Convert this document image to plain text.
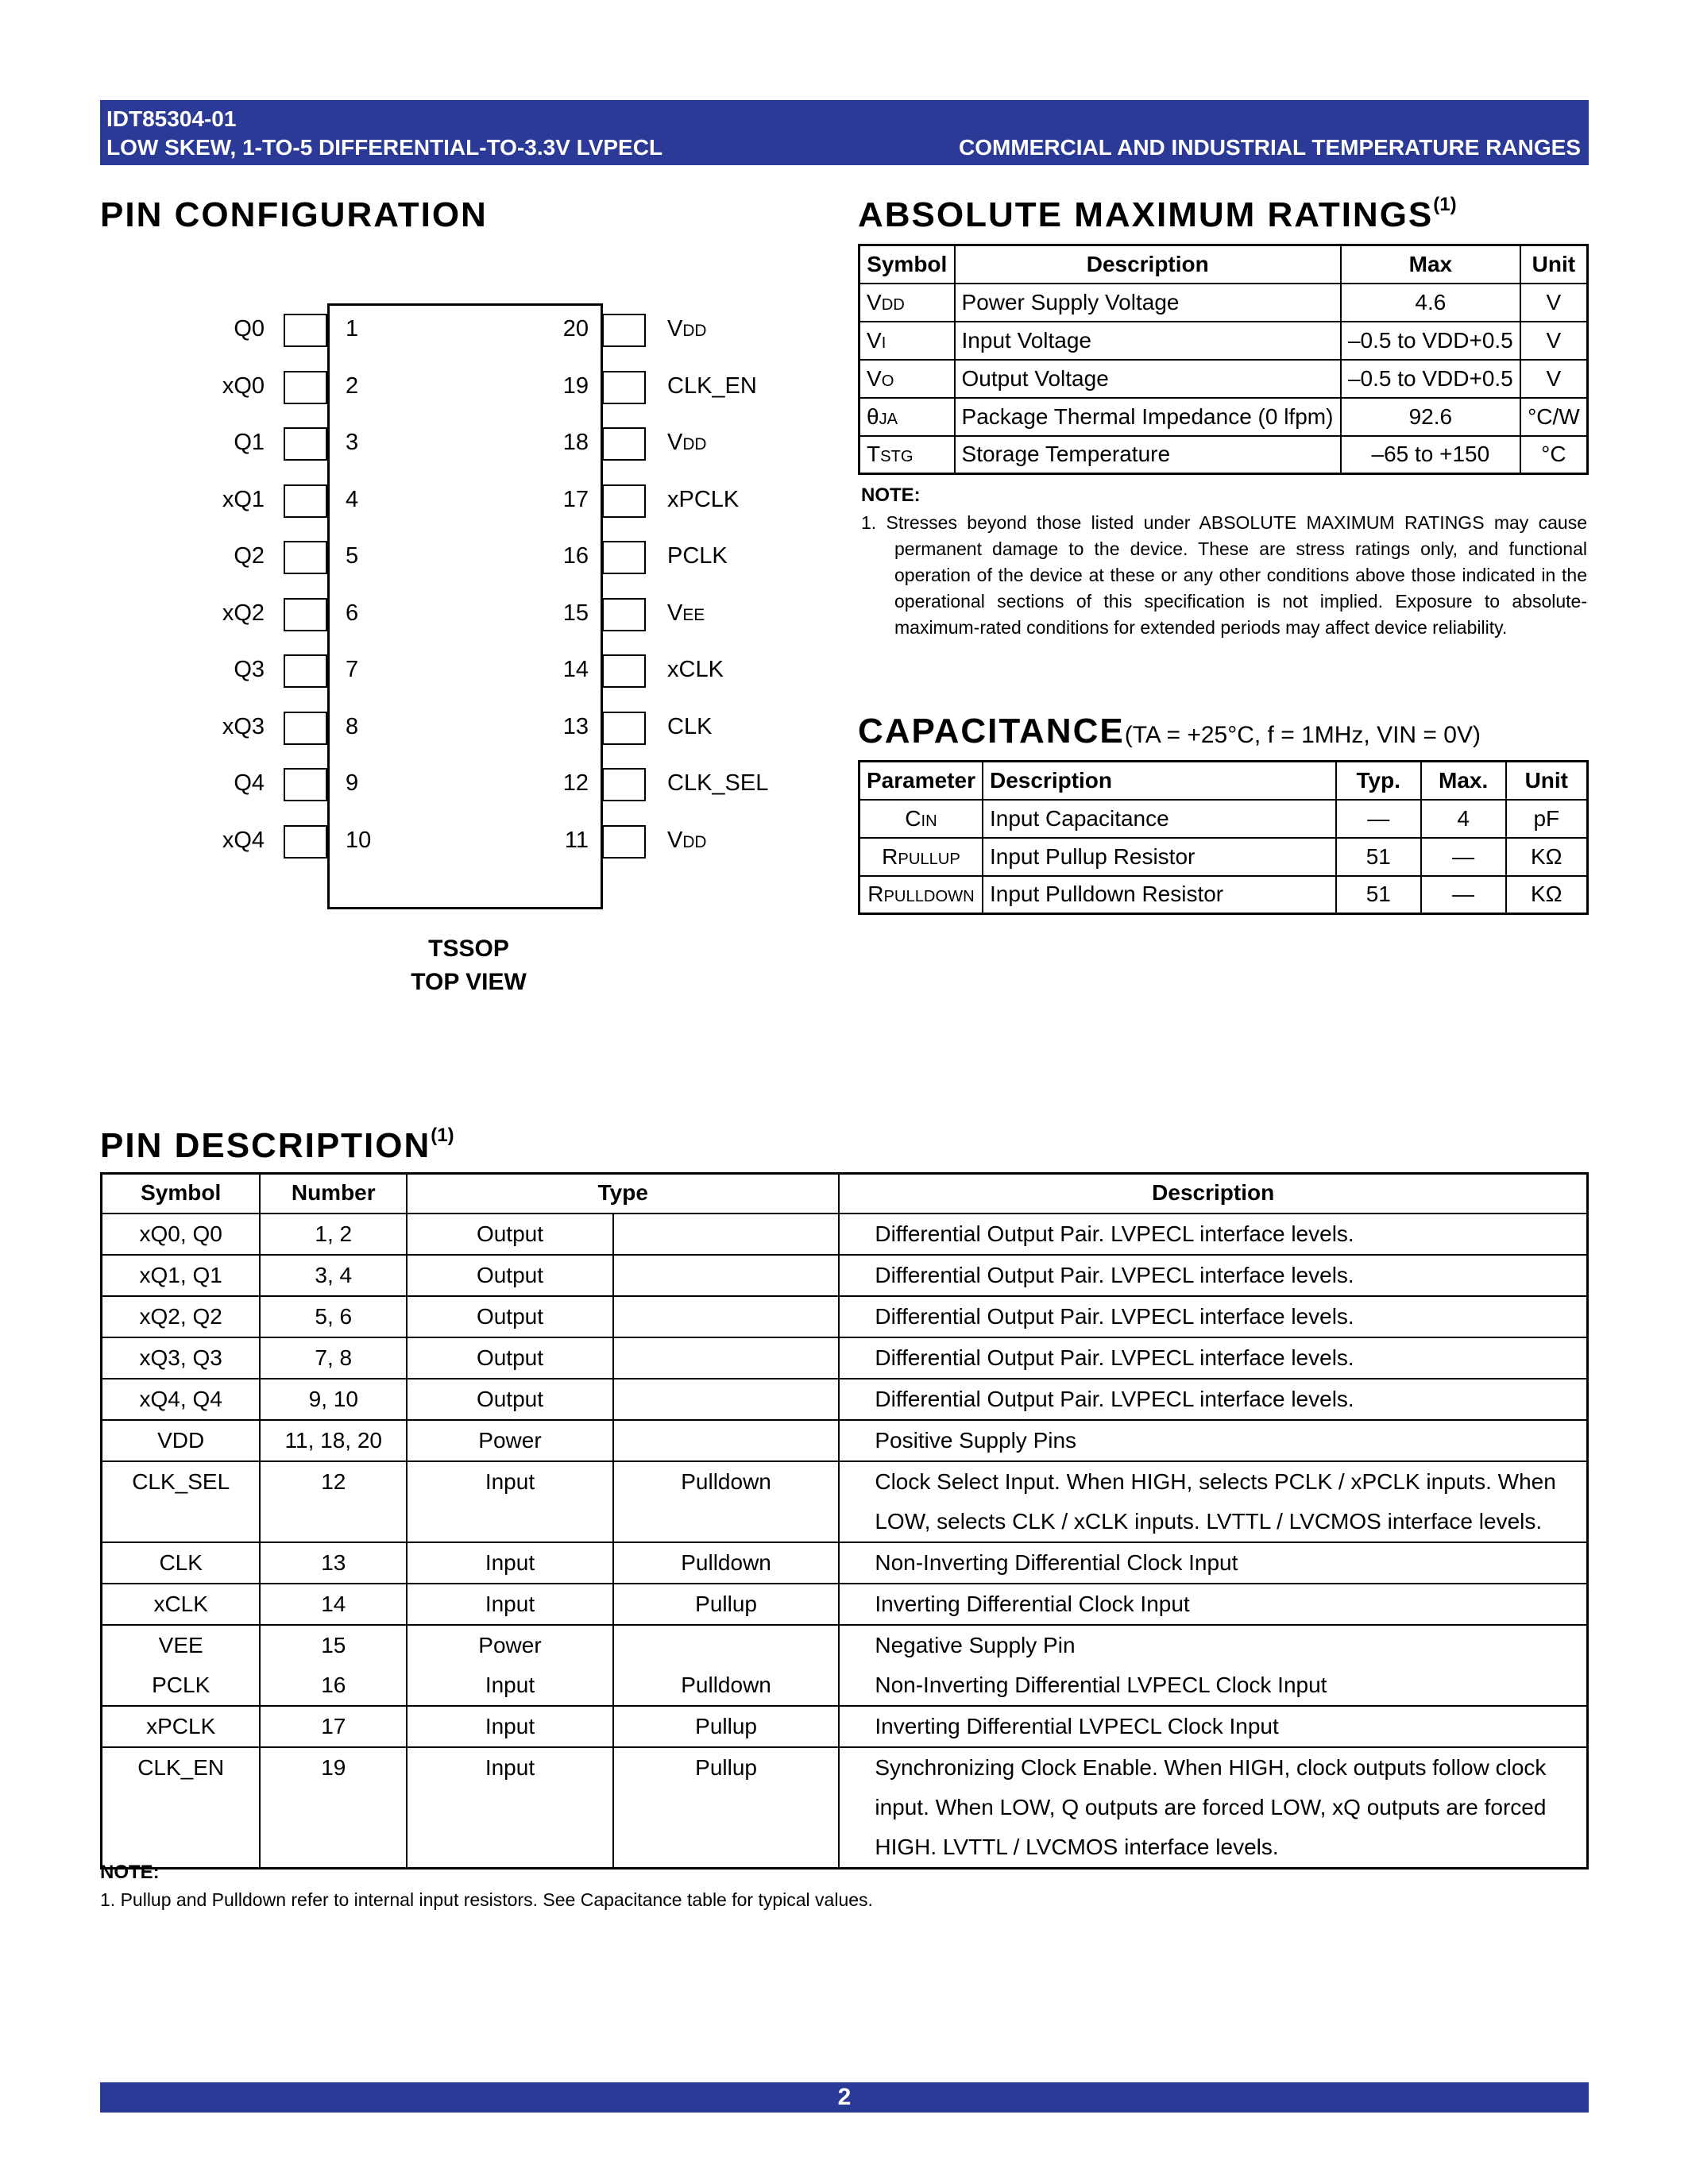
IDT85304-01
LOW SKEW, 1-TO-5 DIFFERENTIAL-TO-3.3V LVPECL	COMMERCIAL AND INDUSTRIAL TEMPERATURE RANGES
PIN CONFIGURATION
Q0	1
xQ0	2
Q1	3
xQ1	4
Q2	5
xQ2	6
Q3	7
xQ3	8
Q4	9
xQ4	10
20	VDD
19	CLK_EN
18	VDD
17	xPCLK
16	PCLK
15	VEE
14	xCLK
13	CLK
12	CLK_SEL
11	VDD
TSSOP
TOP VIEW
ABSOLUTE MAXIMUM RATINGS$^{(1)}$
Symbol	Description	Max	Unit
VDD	Power Supply Voltage	4.6	V
VI	Input Voltage	–0.5 to VDD+0.5	V
VO	Output Voltage	–0.5 to VDD+0.5	V
θJA	Package Thermal Impedance (0 lfpm)	92.6	°C/W
TSTG	Storage Temperature	–65 to +150	°C
NOTE:
1. Stresses beyond those listed under ABSOLUTE MAXIMUM RATINGS may cause permanent damage to the device. These are stress ratings only, and functional operation of the device at these or any other conditions above those indicated in the operational sections of this specification is not implied. Exposure to absolute-maximum-rated conditions for extended periods may affect device reliability.
CAPACITANCE(TA = +25°C, f = 1MHz, VIN = 0V)
Parameter	Description	Typ.	Max.	Unit
CIN	Input Capacitance	—	4	pF
RPULLUP	Input Pullup Resistor	51	—	KΩ
RPULLDOWN	Input Pulldown Resistor	51	—	KΩ
PIN DESCRIPTION$^{(1)}$
Symbol	Number	Type		Description
xQ0, Q0	1, 2	Output		Differential Output Pair. LVPECL interface levels.
xQ1, Q1	3, 4	Output		Differential Output Pair. LVPECL interface levels.
xQ2, Q2	5, 6	Output		Differential Output Pair. LVPECL interface levels.
xQ3, Q3	7, 8	Output		Differential Output Pair. LVPECL interface levels.
xQ4, Q4	9, 10	Output		Differential Output Pair. LVPECL interface levels.
VDD	11, 18, 20	Power		Positive Supply Pins
CLK_SEL	12	Input	Pulldown	Clock Select Input. When HIGH, selects PCLK / xPCLK inputs. When LOW, selects CLK / xCLK inputs. LVTTL / LVCMOS interface levels.
CLK	13	Input	Pulldown	Non-Inverting Differential Clock Input
xCLK	14	Input	Pullup	Inverting Differential Clock Input
VEE	15	Power		Negative Supply Pin
PCLK	16	Input	Pulldown	Non-Inverting Differential LVPECL Clock Input
xPCLK	17	Input	Pullup	Inverting Differential LVPECL Clock Input
CLK_EN	19	Input	Pullup	Synchronizing Clock Enable. When HIGH, clock outputs follow clock input. When LOW, Q outputs are forced LOW, xQ outputs are forced HIGH. LVTTL / LVCMOS interface levels.
NOTE:
1. Pullup and Pulldown refer to internal input resistors. See Capacitance table for typical values.
2
